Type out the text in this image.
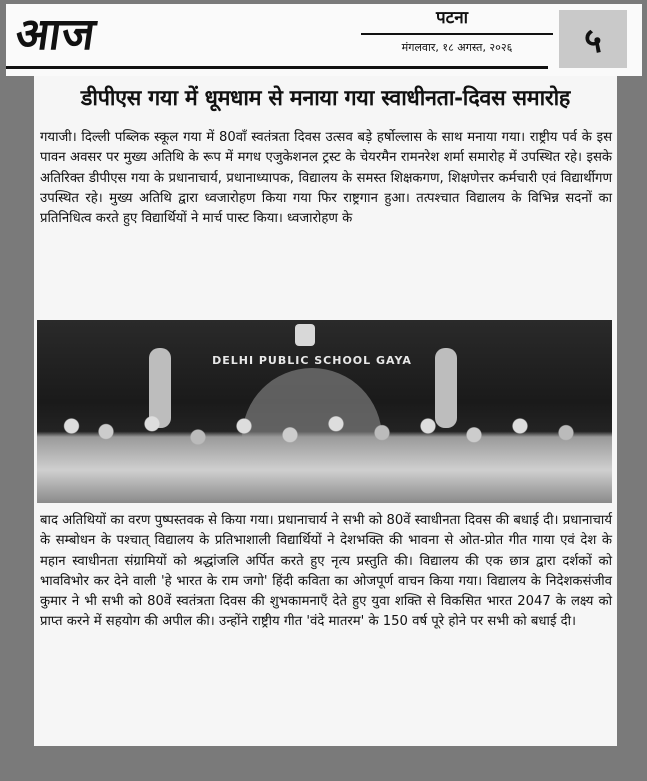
आज	पटना
मंगलवार, १८ अगस्त, २०२६	५
डीपीएस गया में धूमधाम से मनाया गया स्वाधीनता-दिवस समारोह
गयाजी। दिल्ली पब्लिक स्कूल गया में 80वाँ स्वतंत्रता दिवस उत्सव बड़े हर्षोल्लास के साथ मनाया गया। राष्ट्रीय पर्व के इस पावन अवसर पर मुख्य अतिथि के रूप में मगध एजुकेशनल ट्रस्ट के चेयरमैन रामनरेश शर्मा समारोह में उपस्थित रहे। इसके अतिरिक्त डीपीएस गया के प्रधानाचार्य, प्रधानाध्यापक, विद्यालय के समस्त शिक्षकगण, शिक्षणेत्तर कर्मचारी एवं विद्यार्थीगण उपस्थित रहे। मुख्य अतिथि द्वारा ध्वजारोहण किया गया फिर राष्ट्रगान हुआ। तत्पश्चात विद्यालय के विभिन्न सदनों का प्रतिनिधित्व करते हुए विद्यार्थियों ने मार्च पास्ट किया। ध्वजारोहण के
DELHI PUBLIC SCHOOL GAYA
बाद अतिथियों का वरण पुष्पस्तवक से किया गया। प्रधानाचार्य ने सभी को 80वें स्वाधीनता दिवस की बधाई दी। प्रधानाचार्य के सम्बोधन के पश्चात् विद्यालय के प्रतिभाशाली विद्यार्थियों ने देशभक्ति की भावना से ओत-प्रोत गीत गाया एवं देश के महान स्वाधीनता संग्रामियों को श्रद्धांजलि अर्पित करते हुए नृत्य प्रस्तुति की। विद्यालय की एक छात्र द्वारा दर्शकों को भावविभोर कर देने वाली 'हे भारत के राम जगो' हिंदी कविता का ओजपूर्ण वाचन किया गया। विद्यालय के निदेशकसंजीव कुमार ने भी सभी को 80वें स्वतंत्रता दिवस की शुभकामनाएँ देते हुए युवा शक्ति से विकसित भारत 2047 के लक्ष्य को प्राप्त करने में सहयोग की अपील की। उन्होंने राष्ट्रीय गीत 'वंदे मातरम' के 150 वर्ष पूरे होने पर सभी को बधाई दी।
